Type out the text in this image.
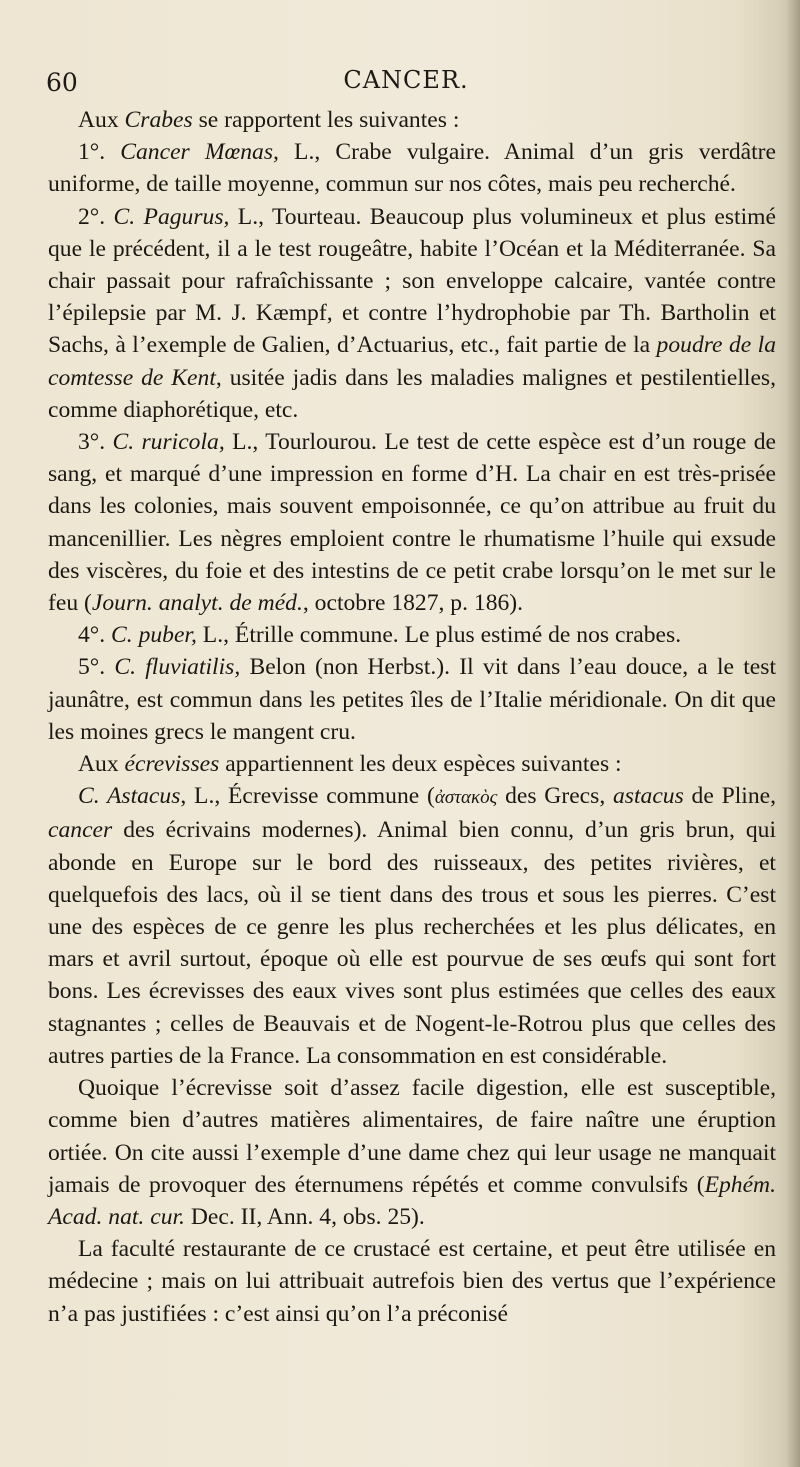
60	CANCER.

Aux Crabes se rapportent les suivantes :

1°. Cancer Mœnas, L., Crabe vulgaire. Animal d’un gris verdâtre uniforme, de taille moyenne, commun sur nos côtes, mais peu recherché.

2°. C. Pagurus, L., Tourteau. Beaucoup plus volumineux et plus estimé que le précédent, il a le test rougeâtre, habite l’Océan et la Méditerranée. Sa chair passait pour rafraîchissante ; son enveloppe calcaire, vantée contre l’épilepsie par M. J. Kæmpf, et contre l’hydrophobie par Th. Bartholin et Sachs, à l’exemple de Galien, d’Actuarius, etc., fait partie de la poudre de la comtesse de Kent, usitée jadis dans les maladies malignes et pestilentielles, comme diaphorétique, etc.

3°. C. ruricola, L., Tourlourou. Le test de cette espèce est d’un rouge de sang, et marqué d’une impression en forme d’H. La chair en est très-prisée dans les colonies, mais souvent empoisonnée, ce qu’on attribue au fruit du mancenillier. Les nègres emploient contre le rhumatisme l’huile qui exsude des viscères, du foie et des intestins de ce petit crabe lorsqu’on le met sur le feu (Journ. analyt. de méd., octobre 1827, p. 186).

4°. C. puber, L., Étrille commune. Le plus estimé de nos crabes.

5°. C. fluviatilis, Belon (non Herbst.). Il vit dans l’eau douce, a le test jaunâtre, est commun dans les petites îles de l’Italie méridionale. On dit que les moines grecs le mangent cru.

Aux écrevisses appartiennent les deux espèces suivantes :

C. Astacus, L., Écrevisse commune (ἀστακὸς des Grecs, astacus de Pline, cancer des écrivains modernes). Animal bien connu, d’un gris brun, qui abonde en Europe sur le bord des ruisseaux, des petites rivières, et quelquefois des lacs, où il se tient dans des trous et sous les pierres. C’est une des espèces de ce genre les plus recherchées et les plus délicates, en mars et avril surtout, époque où elle est pourvue de ses œufs qui sont fort bons. Les écrevisses des eaux vives sont plus estimées que celles des eaux stagnantes ; celles de Beauvais et de Nogent-le-Rotrou plus que celles des autres parties de la France. La consommation en est considérable.

Quoique l’écrevisse soit d’assez facile digestion, elle est susceptible, comme bien d’autres matières alimentaires, de faire naître une éruption ortiée. On cite aussi l’exemple d’une dame chez qui leur usage ne manquait jamais de provoquer des éternumens répétés et comme convulsifs (Ephém. Acad. nat. cur. Dec. II, Ann. 4, obs. 25).

La faculté restaurante de ce crustacé est certaine, et peut être utilisée en médecine ; mais on lui attribuait autrefois bien des vertus que l’expérience n’a pas justifiées : c’est ainsi qu’on l’a préconisé
